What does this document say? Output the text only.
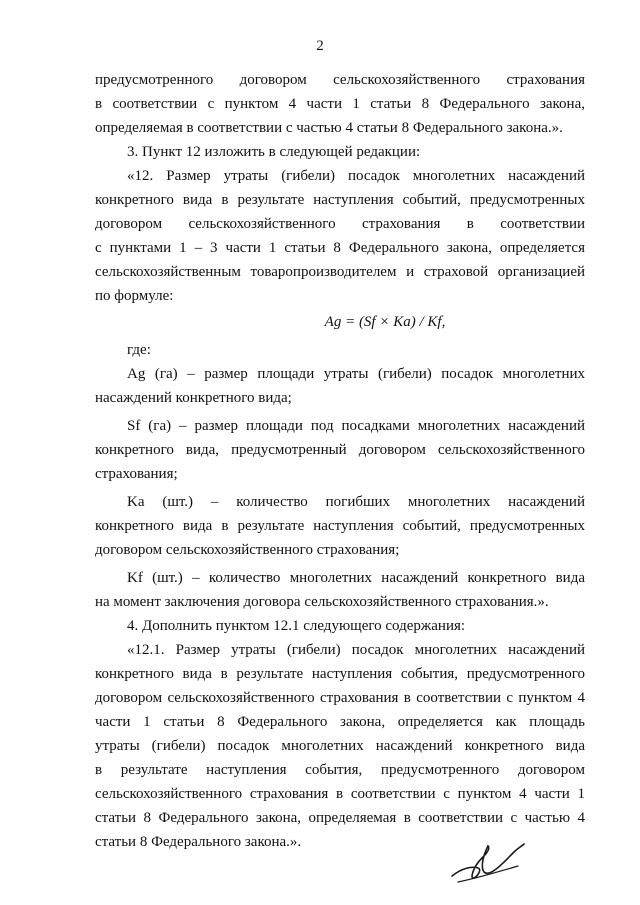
2
предусмотренного договором сельскохозяйственного страхования
в соответствии с пунктом 4 части 1 статьи 8 Федерального закона,
определяемая в соответствии с частью 4 статьи 8 Федерального закона.».
3. Пункт 12 изложить в следующей редакции:
«12. Размер утраты (гибели) посадок многолетних насаждений
конкретного вида в результате наступления событий, предусмотренных
договором сельскохозяйственного страхования в соответствии
с пунктами 1 – 3 части 1 статьи 8 Федерального закона, определяется
сельскохозяйственным товаропроизводителем и страховой организацией
по формуле:
Ag = (Sf × Ka) / Kf,
где:
Ag (га) – размер площади утраты (гибели) посадок многолетних
насаждений конкретного вида;
Sf (га) – размер площади под посадками многолетних насаждений
конкретного вида, предусмотренный договором сельскохозяйственного
страхования;
Ka (шт.) – количество погибших многолетних насаждений
конкретного вида в результате наступления событий, предусмотренных
договором сельскохозяйственного страхования;
Kf (шт.) – количество многолетних насаждений конкретного вида
на момент заключения договора сельскохозяйственного страхования.».
4. Дополнить пунктом 12.1 следующего содержания:
«12.1. Размер утраты (гибели) посадок многолетних насаждений
конкретного вида в результате наступления события, предусмотренного
договором сельскохозяйственного страхования в соответствии с пунктом 4
части 1 статьи 8 Федерального закона, определяется как площадь
утраты (гибели) посадок многолетних насаждений конкретного вида
в результате наступления события, предусмотренного договором
сельскохозяйственного страхования в соответствии с пунктом 4 части 1
статьи 8 Федерального закона, определяемая в соответствии с частью 4
статьи 8 Федерального закона.».
